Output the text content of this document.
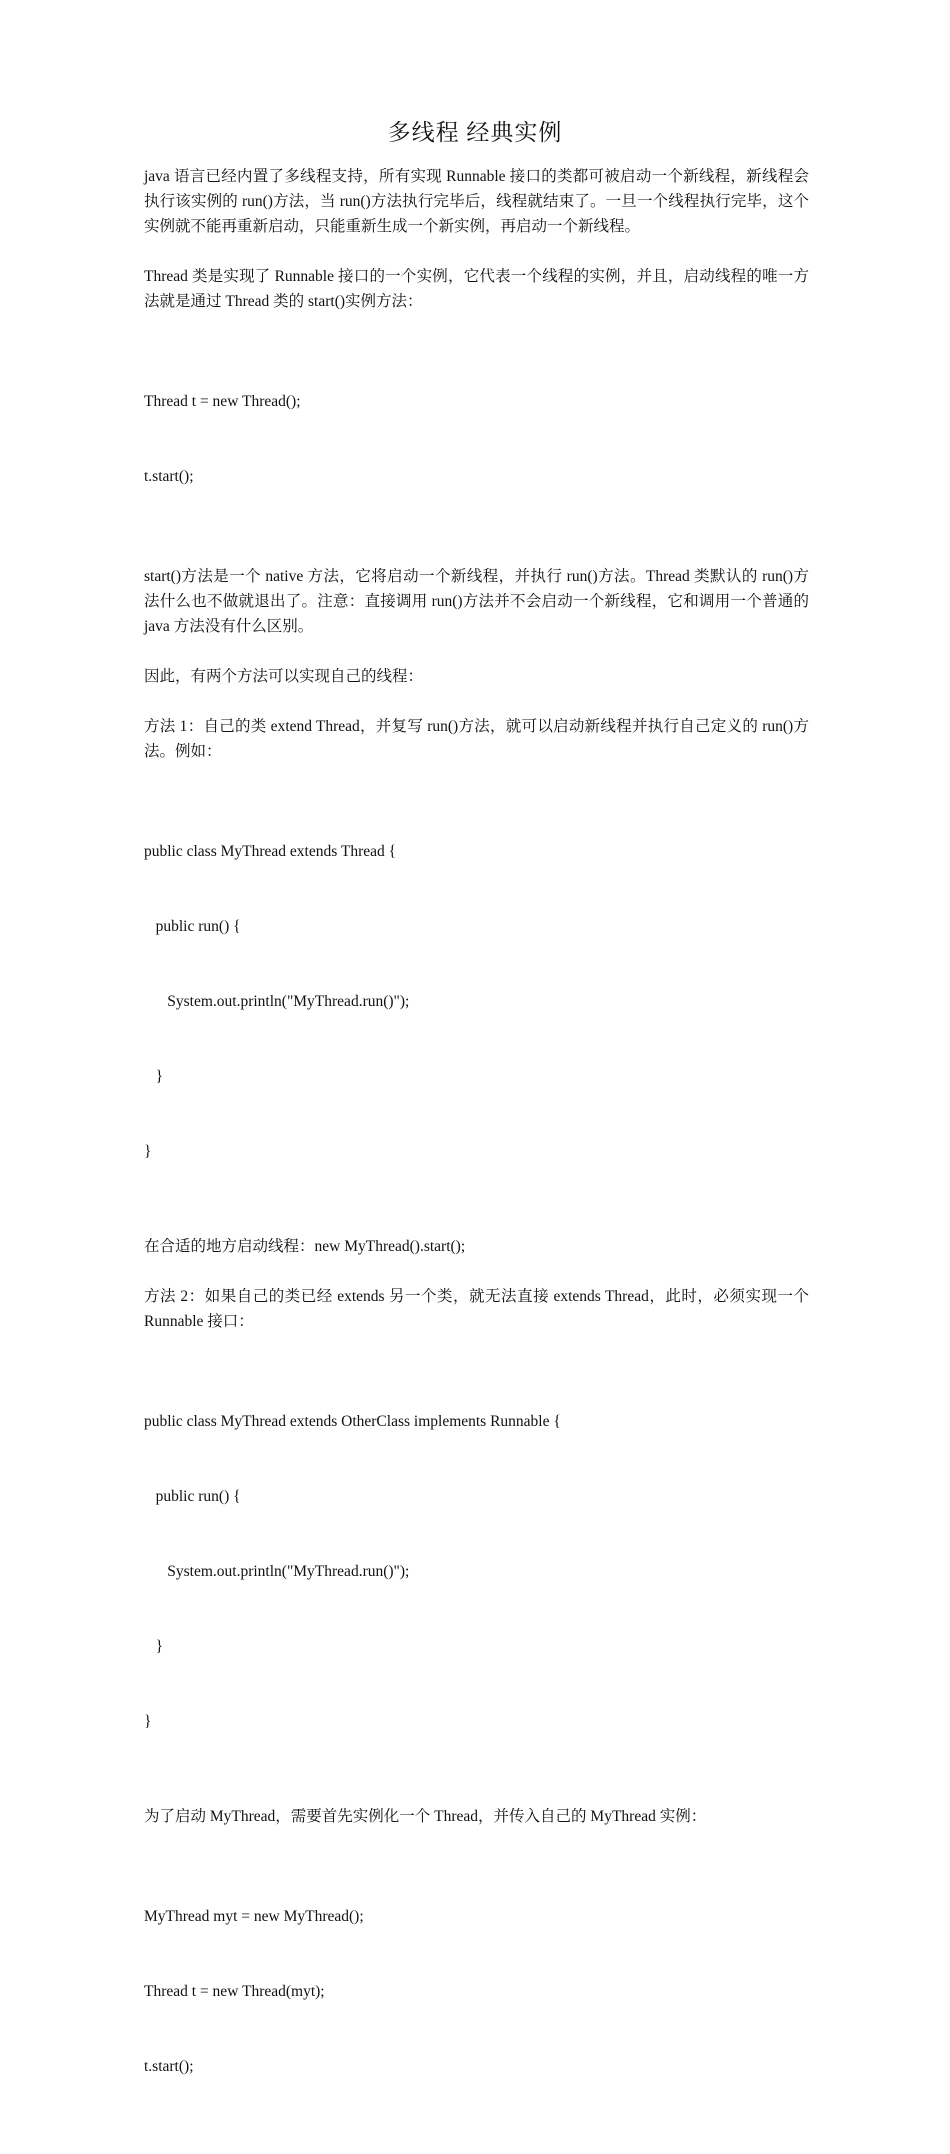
多线程 经典实例

java 语言已经内置了多线程支持，所有实现 Runnable 接口的类都可被启动一个新线程，新线程会执行该实例的 run()方法，当 run()方法执行完毕后，线程就结束了。一旦一个线程执行完毕，这个实例就不能再重新启动，只能重新生成一个新实例，再启动一个新线程。

Thread 类是实现了 Runnable 接口的一个实例，它代表一个线程的实例，并且，启动线程的唯一方法就是通过 Thread 类的 start()实例方法：

Thread t = new Thread();

t.start();

start()方法是一个 native 方法，它将启动一个新线程，并执行 run()方法。Thread 类默认的 run()方法什么也不做就退出了。注意：直接调用 run()方法并不会启动一个新线程，它和调用一个普通的 java 方法没有什么区别。

因此，有两个方法可以实现自己的线程：

方法 1：自己的类 extend Thread，并复写 run()方法，就可以启动新线程并执行自己定义的 run()方法。例如：

public class MyThread extends Thread {

public run() {

System.out.println("MyThread.run()");

}

}

在合适的地方启动线程：new MyThread().start();

方法 2：如果自己的类已经 extends 另一个类，就无法直接 extends Thread，此时，必须实现一个 Runnable 接口：

public class MyThread extends OtherClass implements Runnable {

public run() {

System.out.println("MyThread.run()");

}

}

为了启动 MyThread，需要首先实例化一个 Thread，并传入自己的 MyThread 实例：

MyThread myt = new MyThread();

Thread t = new Thread(myt);

t.start();
